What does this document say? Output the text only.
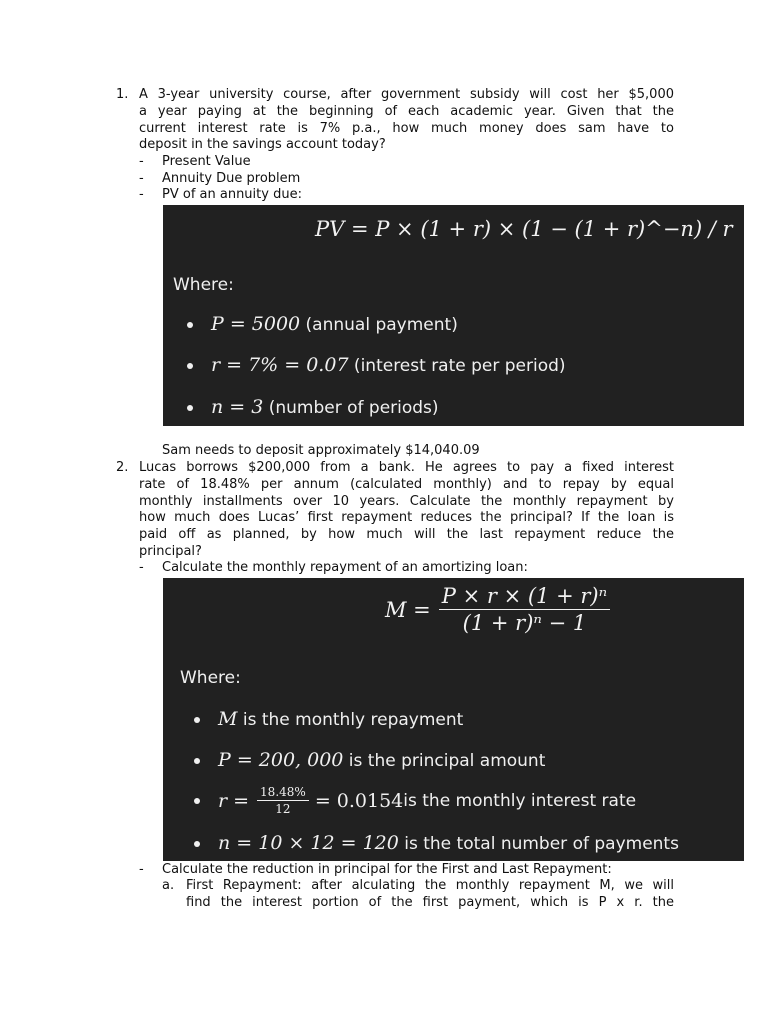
1. A 3-year university course, after government subsidy will cost her $5,000
a year paying at the beginning of each academic year. Given that the
current interest rate is 7% p.a., how much money does sam have to
deposit in the savings account today?
- Present Value
- Annuity Due problem
- PV of an annuity due:
PV = P × (1 + r) × (1 − (1 + r)^−n) / r
Where:
P = 5000 (annual payment)
r = 7% = 0.07 (interest rate per period)
n = 3 (number of periods)
Sam needs to deposit approximately $14,040.09
2. Lucas borrows $200,000 from a bank. He agrees to pay a fixed interest
rate of 18.48% per annum (calculated monthly) and to repay by equal
monthly installments over 10 years. Calculate the monthly repayment by
how much does Lucas’ first repayment reduces the principal? If the loan is
paid off as planned, by how much will the last repayment reduce the
principal?
- Calculate the monthly repayment of an amortizing loan:
$M = \frac{\text{P × r × (1 + r)ⁿ}}{\text{(1 + r)ⁿ − 1}}$
Where:
M is the monthly repayment
P = 200, 000 is the principal amount
$r = \frac{18.48\%}{12} = 0.0154$ is the monthly interest rate
n = 10 × 12 = 120 is the total number of payments
- Calculate the reduction in principal for the First and Last Repayment:
a. First Repayment: after alculating the monthly repayment M, we will
find the interest portion of the first payment, which is P x r. the
